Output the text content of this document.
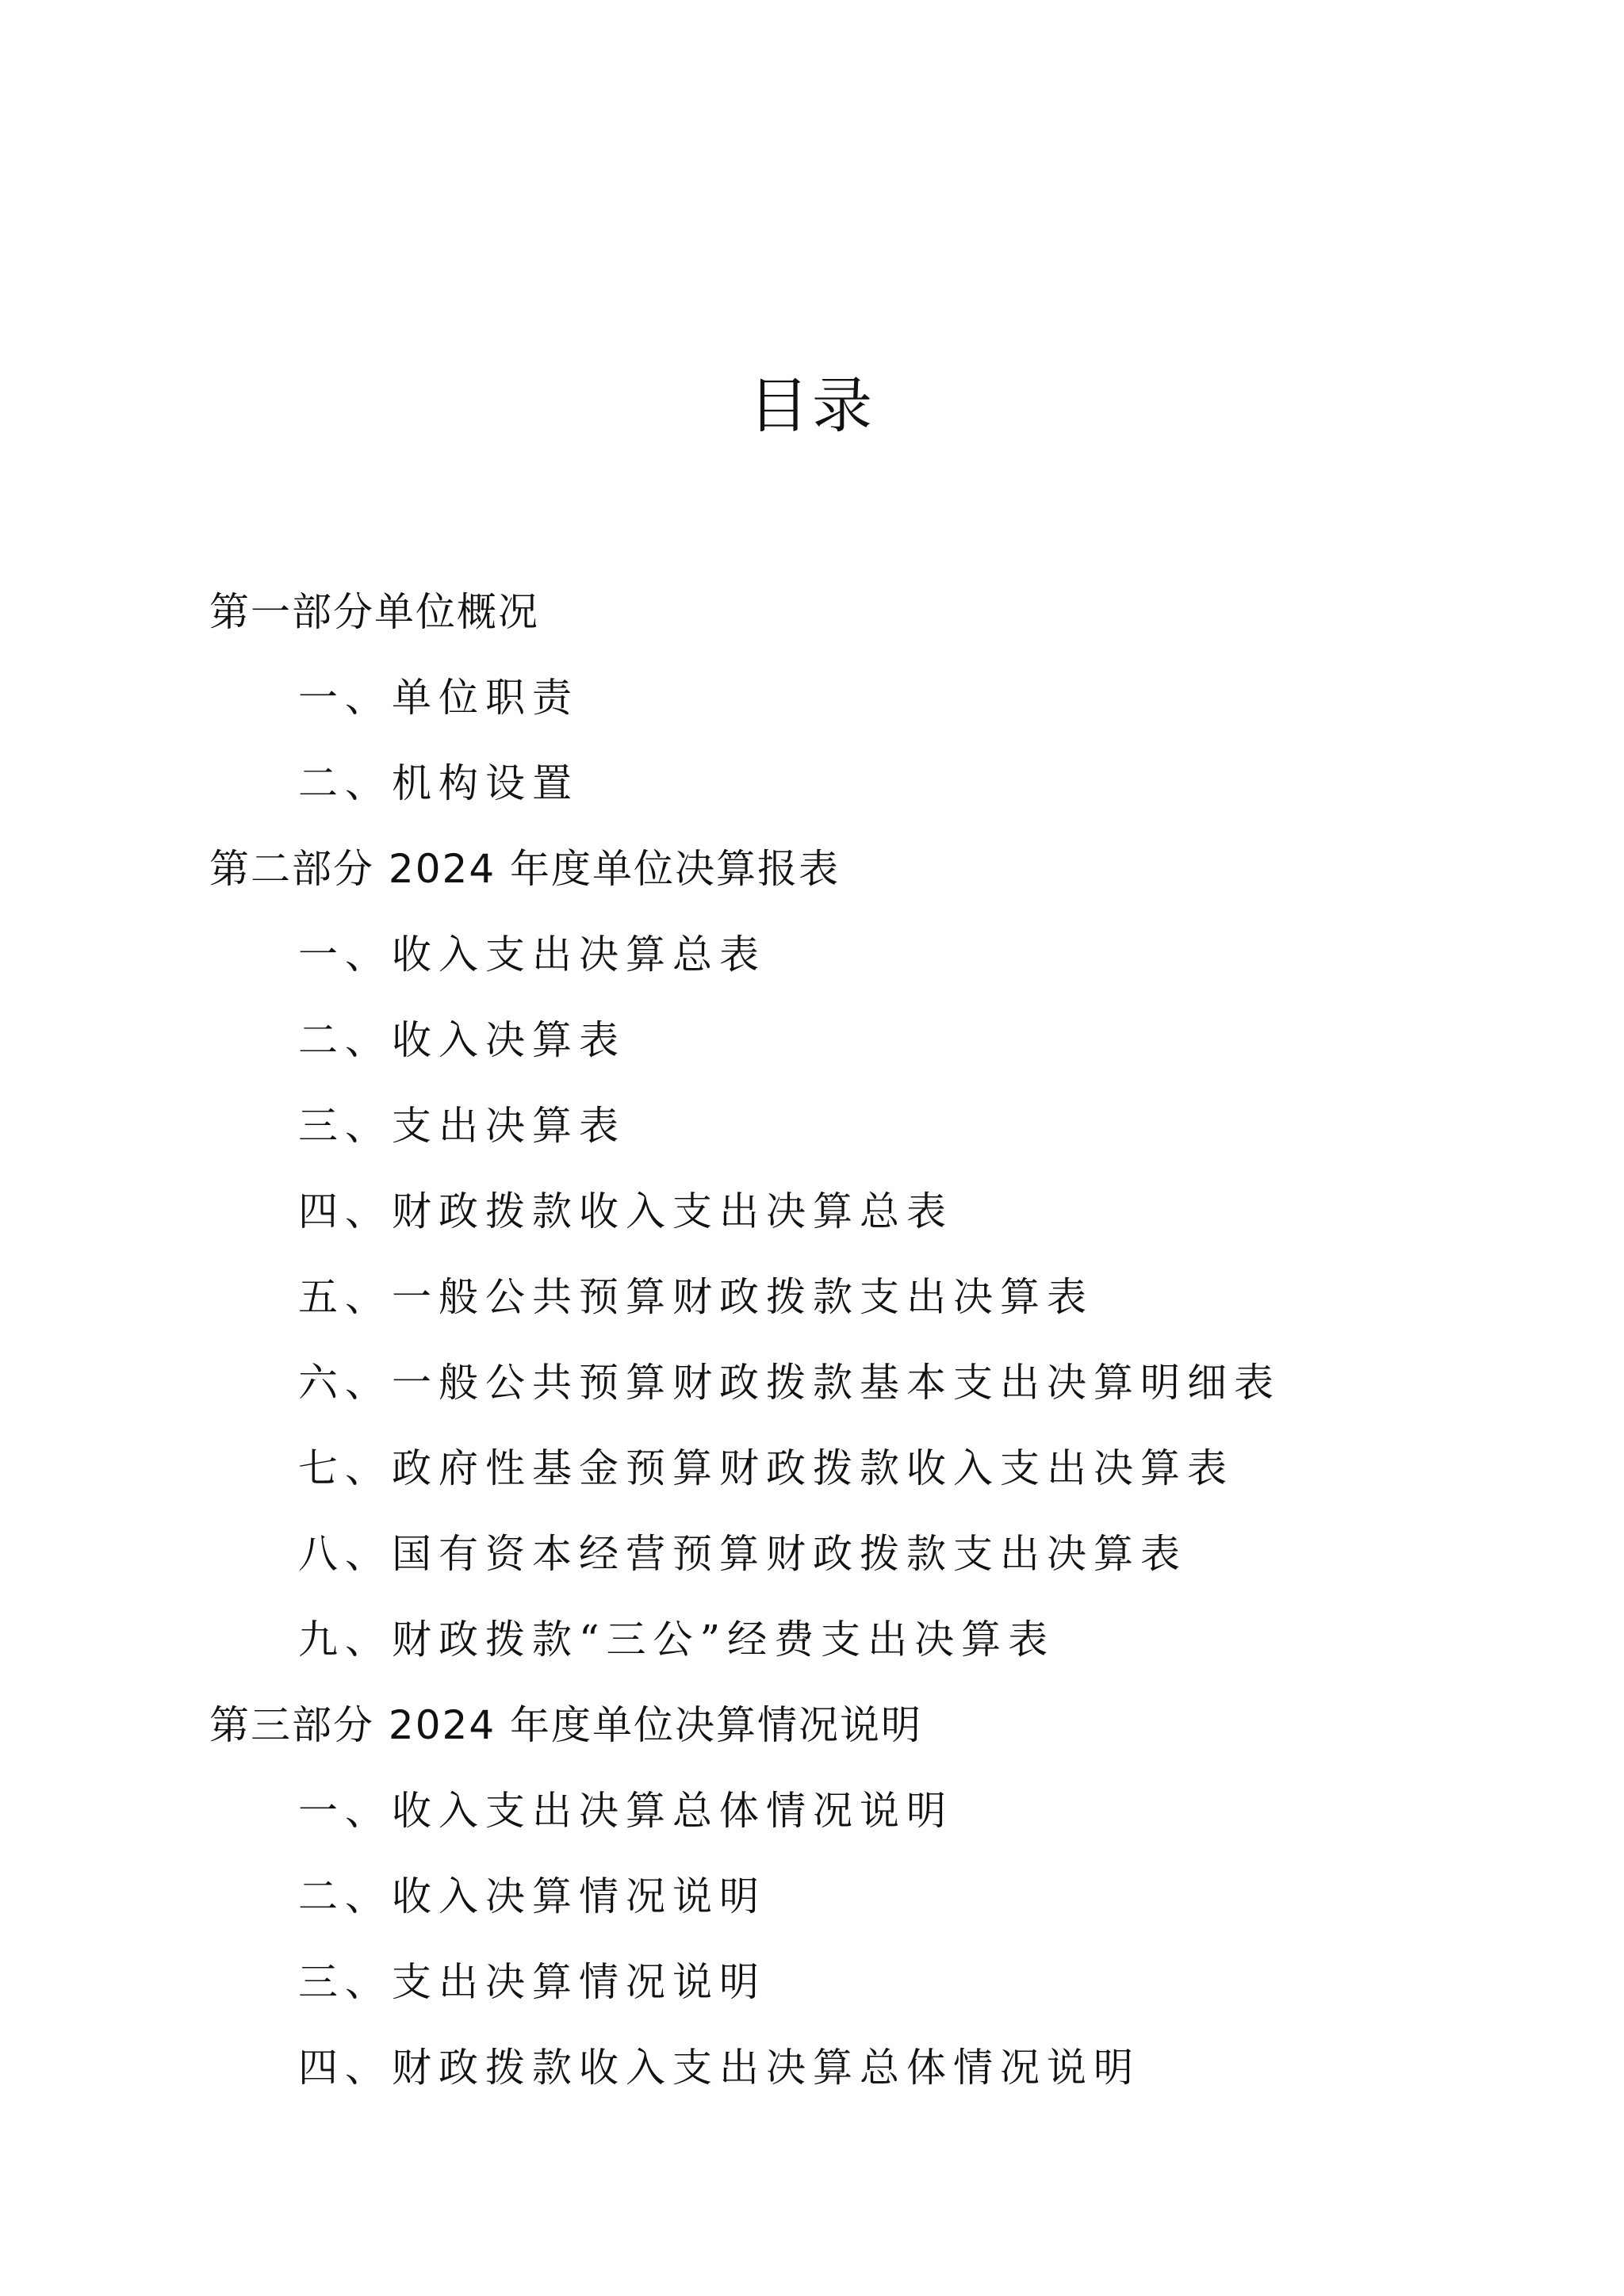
目录
第一部分单位概况
一、单位职责
二、机构设置
第二部分 2024 年度单位决算报表
一、收入支出决算总表
二、收入决算表
三、支出决算表
四、财政拨款收入支出决算总表
五、一般公共预算财政拨款支出决算表
六、一般公共预算财政拨款基本支出决算明细表
七、政府性基金预算财政拨款收入支出决算表
八、国有资本经营预算财政拨款支出决算表
九、财政拨款“三公”经费支出决算表
第三部分 2024 年度单位决算情况说明
一、收入支出决算总体情况说明
二、收入决算情况说明
三、支出决算情况说明
四、财政拨款收入支出决算总体情况说明
